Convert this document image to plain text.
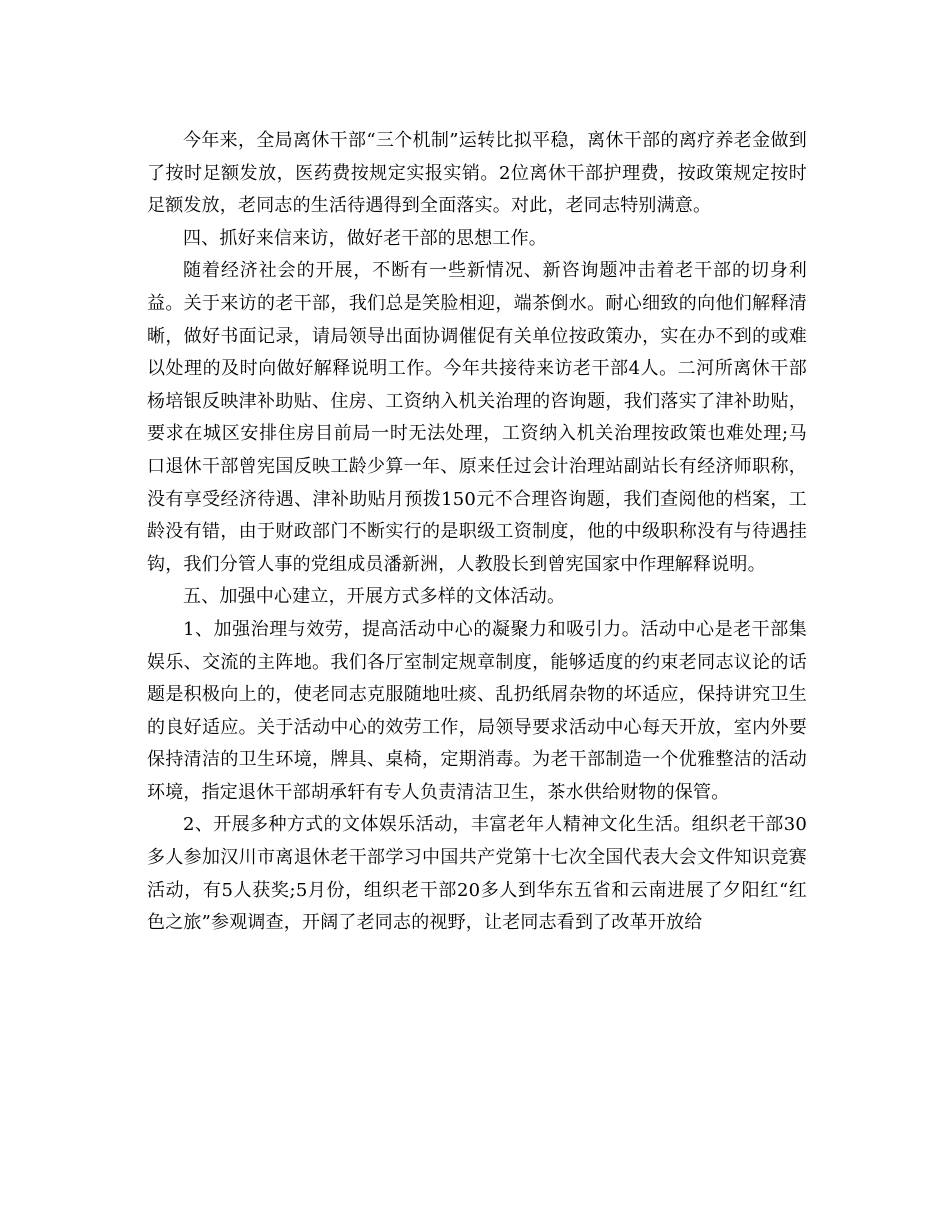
今年来，全局离休干部“三个机制”运转比拟平稳，离休干部的离疗养老金做到了按时足额发放，医药费按规定实报实销。2位离休干部护理费，按政策规定按时足额发放，老同志的生活待遇得到全面落实。对此，老同志特别满意。

四、抓好来信来访，做好老干部的思想工作。

随着经济社会的开展，不断有一些新情况、新咨询题冲击着老干部的切身利益。关于来访的老干部，我们总是笑脸相迎，端茶倒水。耐心细致的向他们解释清晰，做好书面记录，请局领导出面协调催促有关单位按政策办，实在办不到的或难以处理的及时向做好解释说明工作。今年共接待来访老干部4人。二河所离休干部杨培银反映津补助贴、住房、工资纳入机关治理的咨询题，我们落实了津补助贴，要求在城区安排住房目前局一时无法处理，工资纳入机关治理按政策也难处理;马口退休干部曾宪国反映工龄少算一年、原来任过会计治理站副站长有经济师职称，没有享受经济待遇、津补助贴月预拨150元不合理咨询题，我们查阅他的档案，工龄没有错，由于财政部门不断实行的是职级工资制度，他的中级职称没有与待遇挂钩，我们分管人事的党组成员潘新洲，人教股长到曾宪国家中作理解释说明。

五、加强中心建立，开展方式多样的文体活动。

1、加强治理与效劳，提高活动中心的凝聚力和吸引力。活动中心是老干部集娱乐、交流的主阵地。我们各厅室制定规章制度，能够适度的约束老同志议论的话题是积极向上的，使老同志克服随地吐痰、乱扔纸屑杂物的坏适应，保持讲究卫生的良好适应。关于活动中心的效劳工作，局领导要求活动中心每天开放，室内外要保持清洁的卫生环境，牌具、桌椅，定期消毒。为老干部制造一个优雅整洁的活动环境，指定退休干部胡承轩有专人负责清洁卫生，茶水供给财物的保管。

2、开展多种方式的文体娱乐活动，丰富老年人精神文化生活。组织老干部30多人参加汉川市离退休老干部学习中国共产党第十七次全国代表大会文件知识竞赛活动，有5人获奖;5月份，组织老干部20多人到华东五省和云南进展了夕阳红“红色之旅”参观调查，开阔了老同志的视野，让老同志看到了改革开放给
